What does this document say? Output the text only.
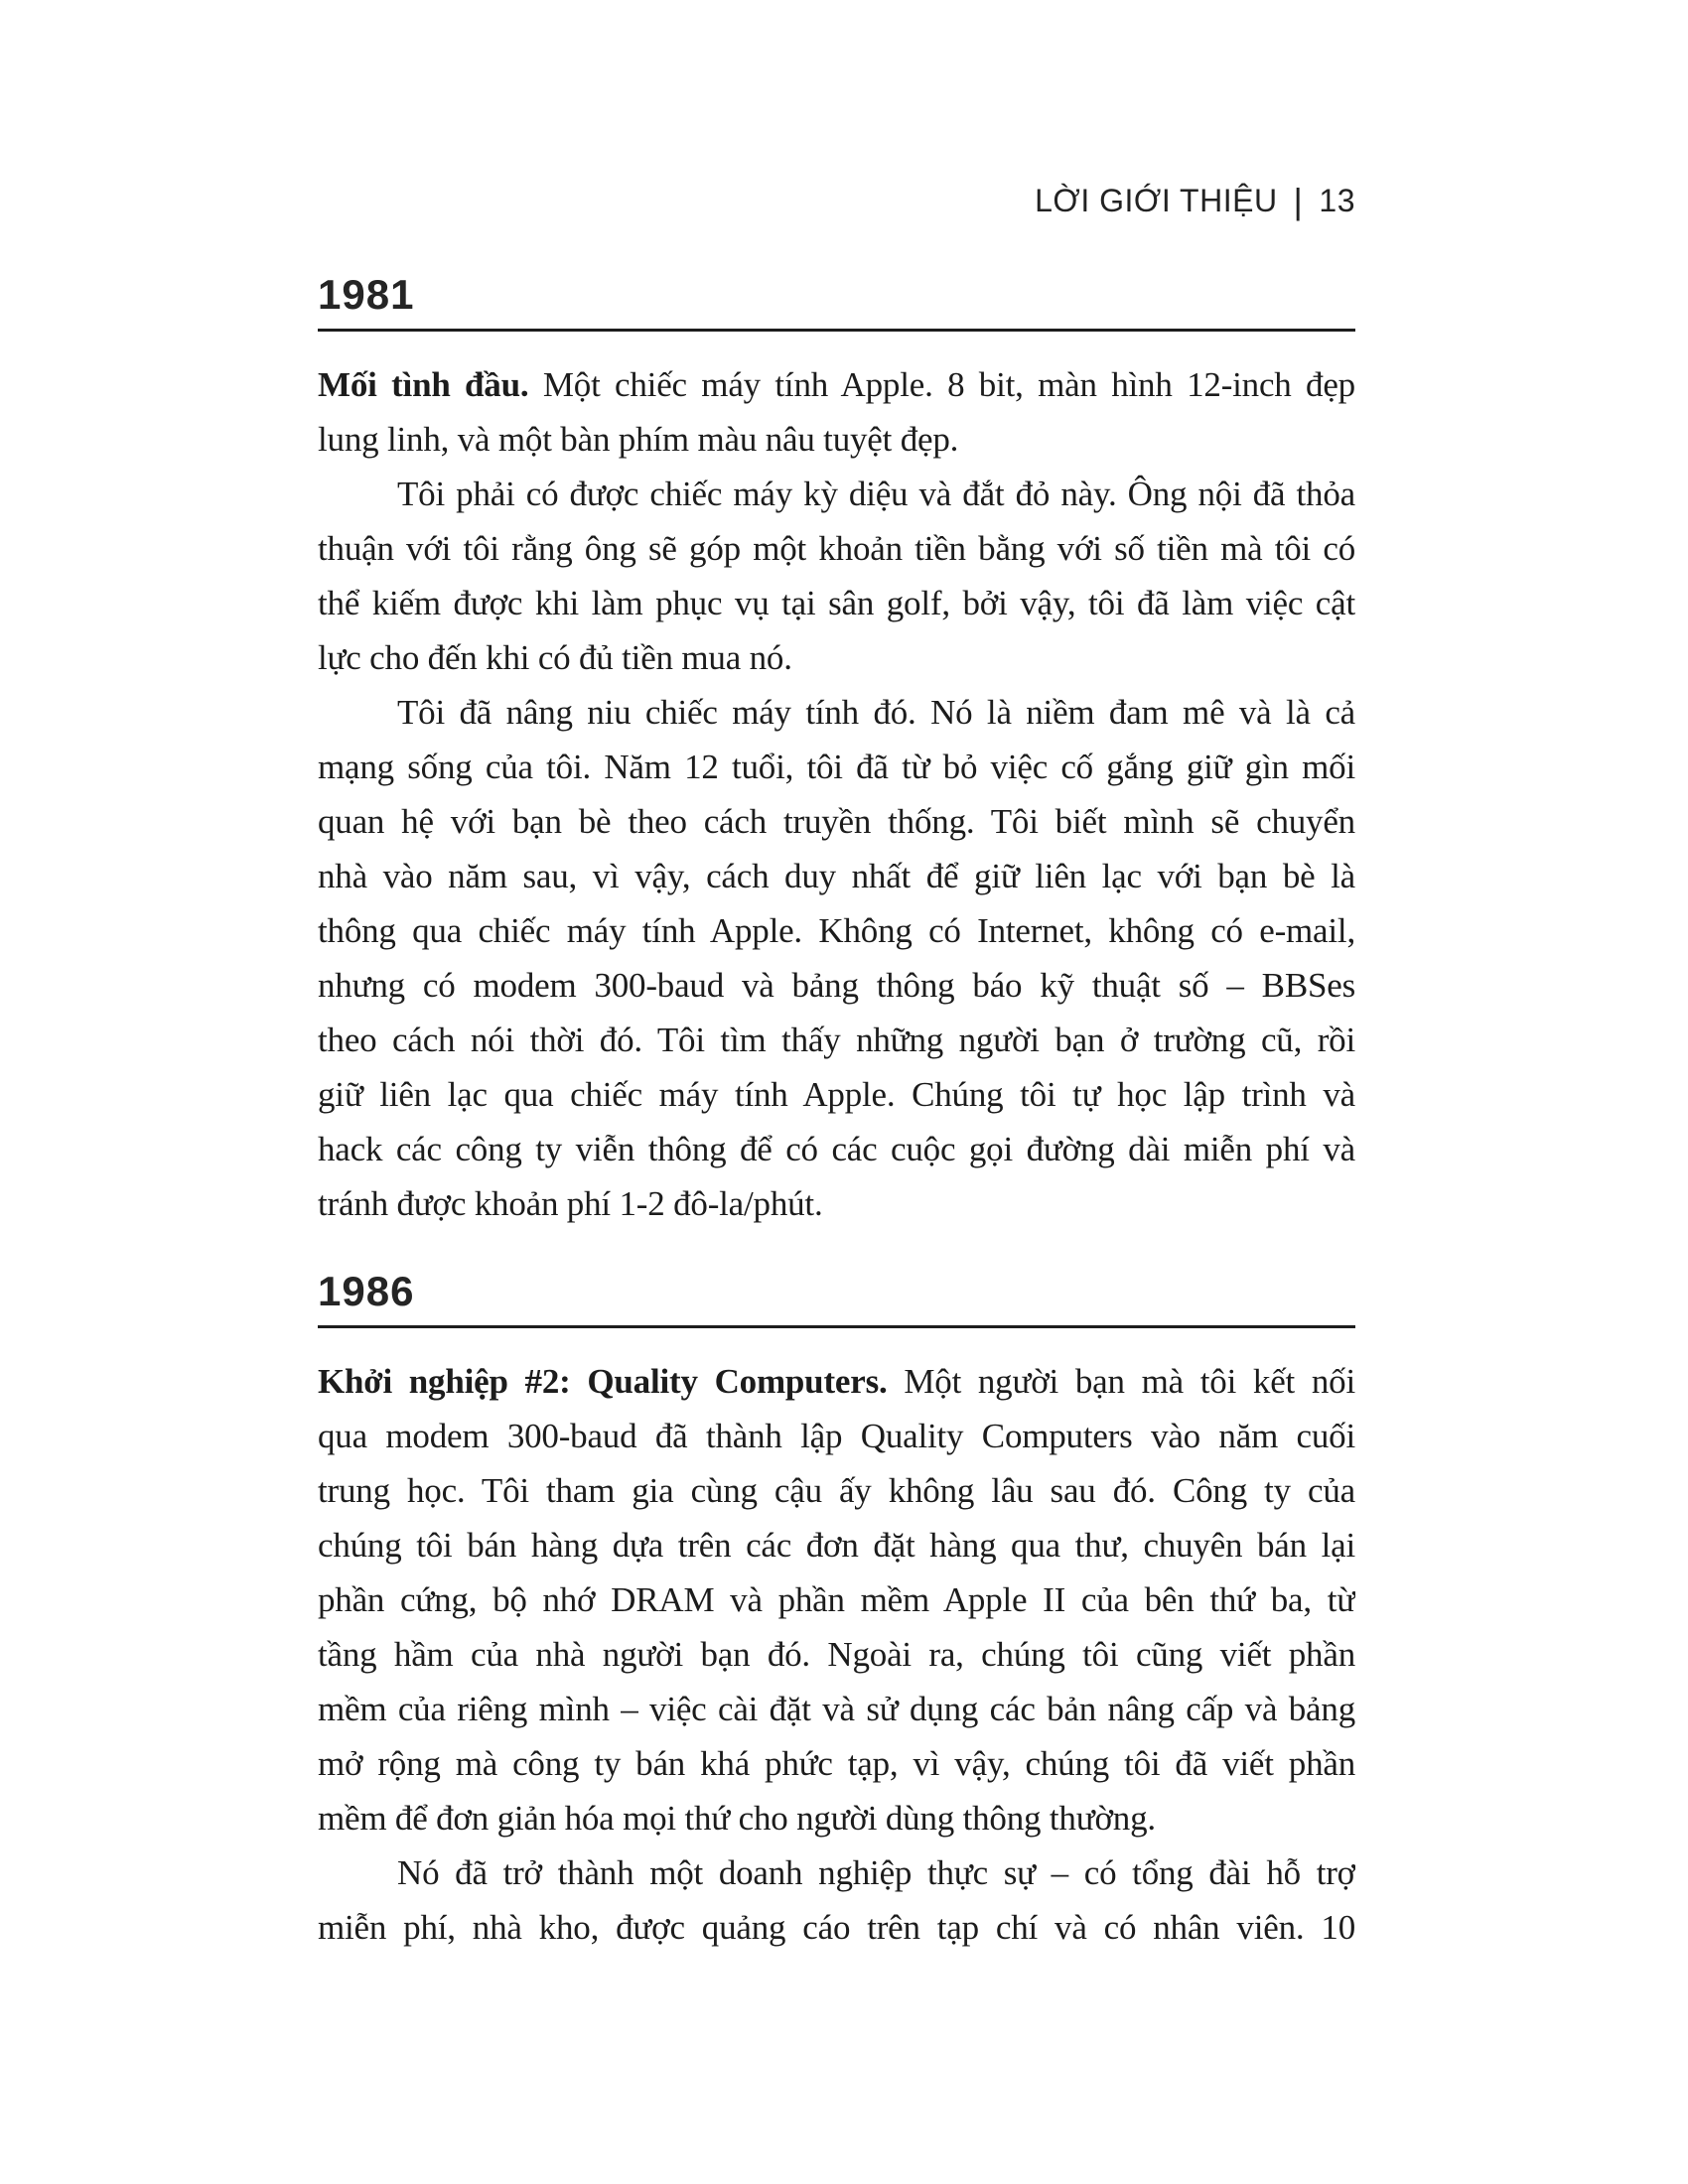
LỜI GIỚI THIỆU | 13
1981
Mối tình đầu. Một chiếc máy tính Apple. 8 bit, màn hình 12-inch đẹp
lung linh, và một bàn phím màu nâu tuyệt đẹp.
Tôi phải có được chiếc máy kỳ diệu và đắt đỏ này. Ông nội đã thỏa
thuận với tôi rằng ông sẽ góp một khoản tiền bằng với số tiền mà tôi có
thể kiếm được khi làm phục vụ tại sân golf, bởi vậy, tôi đã làm việc cật
lực cho đến khi có đủ tiền mua nó.
Tôi đã nâng niu chiếc máy tính đó. Nó là niềm đam mê và là cả
mạng sống của tôi. Năm 12 tuổi, tôi đã từ bỏ việc cố gắng giữ gìn mối
quan hệ với bạn bè theo cách truyền thống. Tôi biết mình sẽ chuyển
nhà vào năm sau, vì vậy, cách duy nhất để giữ liên lạc với bạn bè là
thông qua chiếc máy tính Apple. Không có Internet, không có e-mail,
nhưng có modem 300-baud và bảng thông báo kỹ thuật số – BBSes
theo cách nói thời đó. Tôi tìm thấy những người bạn ở trường cũ, rồi
giữ liên lạc qua chiếc máy tính Apple. Chúng tôi tự học lập trình và
hack các công ty viễn thông để có các cuộc gọi đường dài miễn phí và
tránh được khoản phí 1-2 đô-la/phút.
1986
Khởi nghiệp #2: Quality Computers. Một người bạn mà tôi kết nối
qua modem 300-baud đã thành lập Quality Computers vào năm cuối
trung học. Tôi tham gia cùng cậu ấy không lâu sau đó. Công ty của
chúng tôi bán hàng dựa trên các đơn đặt hàng qua thư, chuyên bán lại
phần cứng, bộ nhớ DRAM và phần mềm Apple II của bên thứ ba, từ
tầng hầm của nhà người bạn đó. Ngoài ra, chúng tôi cũng viết phần
mềm của riêng mình – việc cài đặt và sử dụng các bản nâng cấp và bảng
mở rộng mà công ty bán khá phức tạp, vì vậy, chúng tôi đã viết phần
mềm để đơn giản hóa mọi thứ cho người dùng thông thường.
Nó đã trở thành một doanh nghiệp thực sự – có tổng đài hỗ trợ
miễn phí, nhà kho, được quảng cáo trên tạp chí và có nhân viên. 10
